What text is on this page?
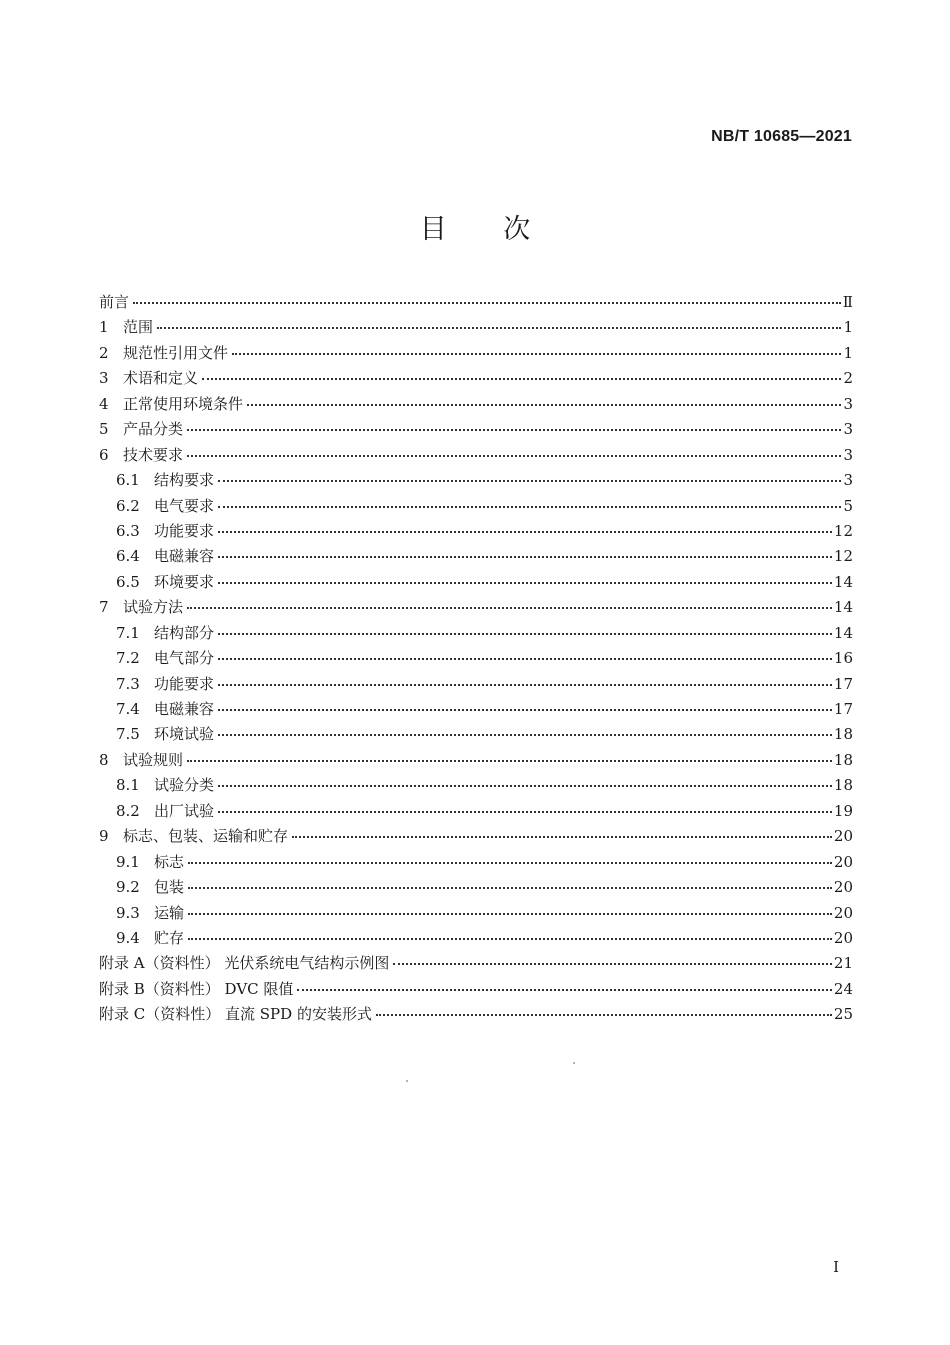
NB/T 10685—2021
目 次
前言	Ⅱ
1 范围	1
2 规范性引用文件	1
3 术语和定义	2
4 正常使用环境条件	3
5 产品分类	3
6 技术要求	3
6.1 结构要求	3
6.2 电气要求	5
6.3 功能要求	12
6.4 电磁兼容	12
6.5 环境要求	14
7 试验方法	14
7.1 结构部分	14
7.2 电气部分	16
7.3 功能要求	17
7.4 电磁兼容	17
7.5 环境试验	18
8 试验规则	18
8.1 试验分类	18
8.2 出厂试验	19
9 标志、包装、运输和贮存	20
9.1 标志	20
9.2 包装	20
9.3 运输	20
9.4 贮存	20
附录 A（资料性） 光伏系统电气结构示例图	21
附录 B（资料性） DVC 限值	24
附录 C（资料性） 直流 SPD 的安装形式	25
I
